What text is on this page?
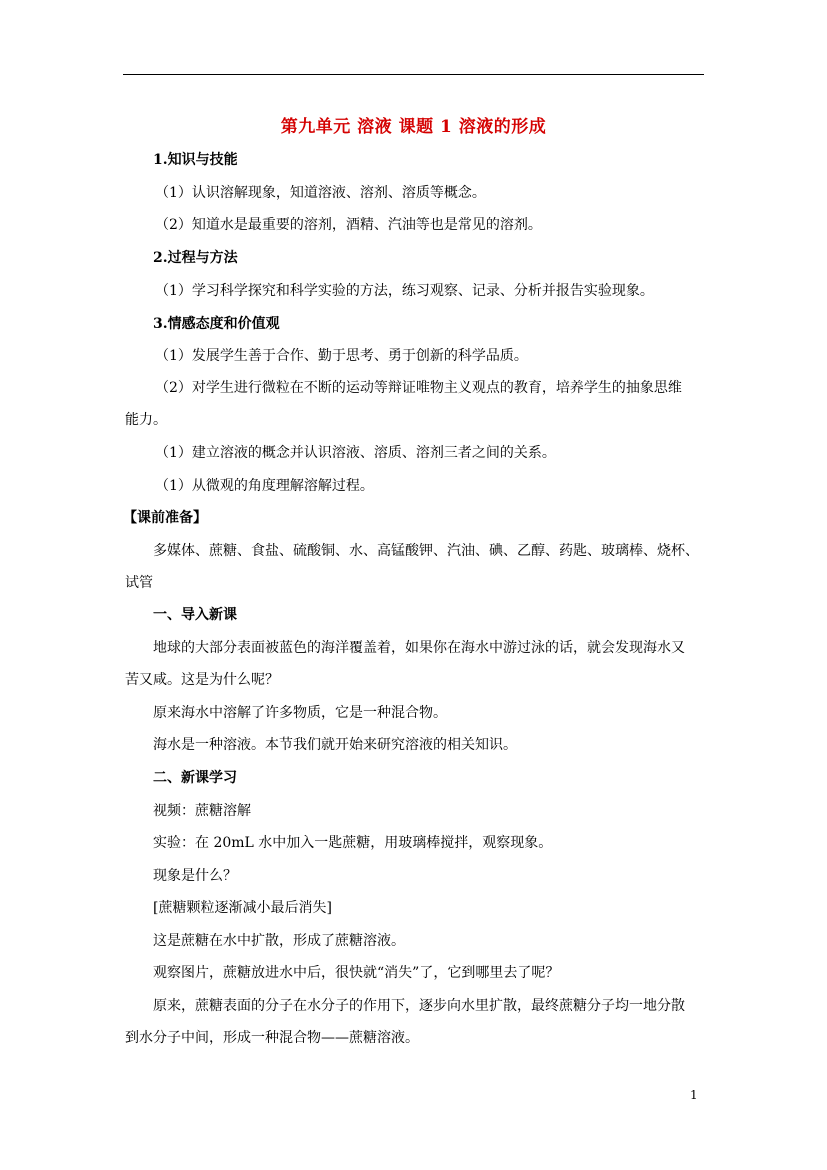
第九单元 溶液 课题 1 溶液的形成
1.知识与技能
（1）认识溶解现象，知道溶液、溶剂、溶质等概念。
（2）知道水是最重要的溶剂，酒精、汽油等也是常见的溶剂。
2.过程与方法
（1）学习科学探究和科学实验的方法，练习观察、记录、分析并报告实验现象。
3.情感态度和价值观
（1）发展学生善于合作、勤于思考、勇于创新的科学品质。
（2）对学生进行微粒在不断的运动等辩证唯物主义观点的教育，培养学生的抽象思维
能力。
（1）建立溶液的概念并认识溶液、溶质、溶剂三者之间的关系。
（1）从微观的角度理解溶解过程。
【课前准备】
多媒体、蔗糖、食盐、硫酸铜、水、高锰酸钾、汽油、碘、乙醇、药匙、玻璃棒、烧杯、
试管
一、导入新课
地球的大部分表面被蓝色的海洋覆盖着，如果你在海水中游过泳的话，就会发现海水又
苦又咸。这是为什么呢？
原来海水中溶解了许多物质，它是一种混合物。
海水是一种溶液。本节我们就开始来研究溶液的相关知识。
二、新课学习
视频：蔗糖溶解
实验：在 20mL 水中加入一匙蔗糖，用玻璃棒搅拌，观察现象。
现象是什么？
[蔗糖颗粒逐渐减小最后消失]
这是蔗糖在水中扩散，形成了蔗糖溶液。
观察图片，蔗糖放进水中后，很快就“消失”了，它到哪里去了呢？
原来，蔗糖表面的分子在水分子的作用下，逐步向水里扩散，最终蔗糖分子均一地分散
到水分子中间，形成一种混合物——蔗糖溶液。
1
